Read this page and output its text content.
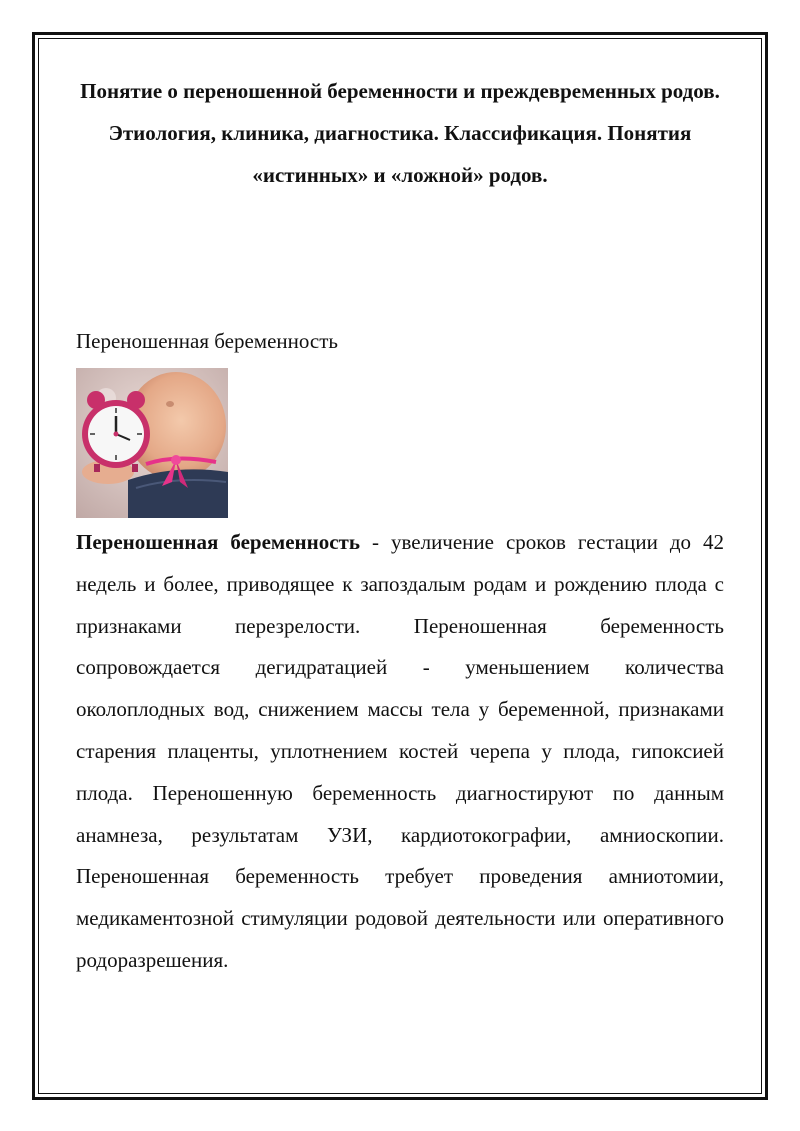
Понятие о переношенной беременности и преждевременных родов. Этиология, клиника, диагностика. Классификация. Понятия «истинных» и «ложной» родов.

Переношенная беременность

Переношенная беременность - увеличение сроков гестации до 42 недель и более, приводящее к запоздалым родам и рождению плода с признаками перезрелости. Переношенная беременность сопровождается дегидратацией - уменьшением количества околоплодных вод, снижением массы тела у беременной, признаками старения плаценты, уплотнением костей черепа у плода, гипоксией плода. Переношенную беременность диагностируют по данным анамнеза, результатам УЗИ, кардиотокографии, амниоскопии. Переношенная беременность требует проведения амниотомии, медикаментозной стимуляции родовой деятельности или оперативного родоразрешения.
